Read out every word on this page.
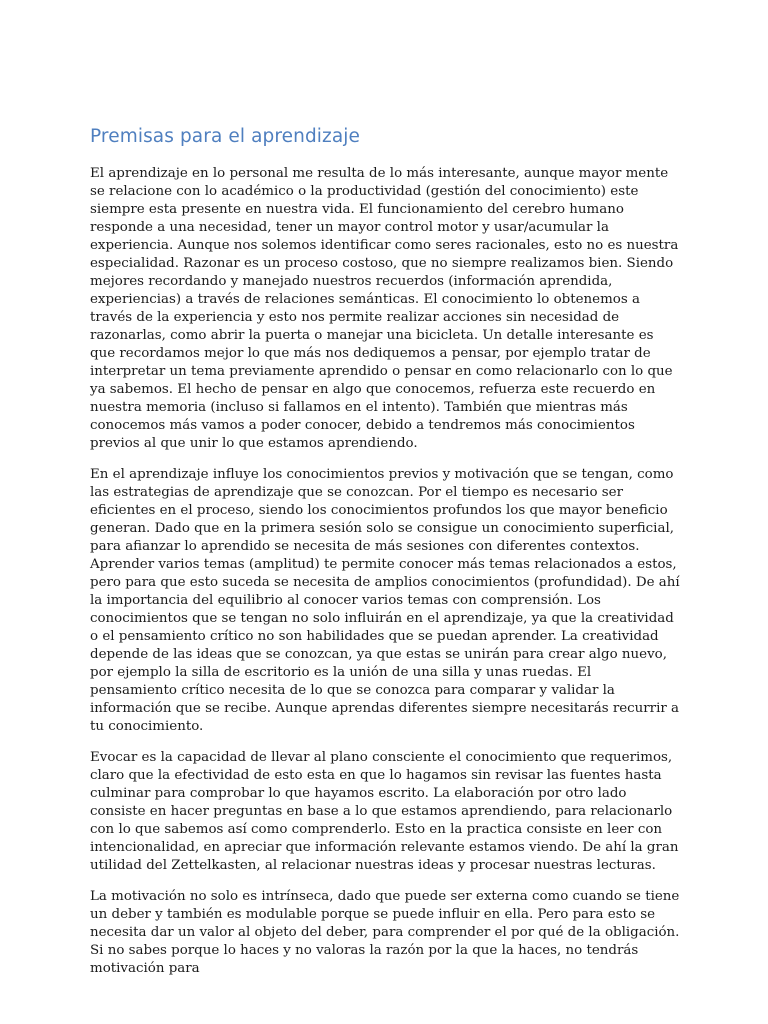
Premisas para el aprendizaje

El aprendizaje en lo personal me resulta de lo más interesante, aunque mayor mente se relacione con lo académico o la productividad (gestión del conocimiento) este siempre esta presente en nuestra vida. El funcionamiento del cerebro humano responde a una necesidad, tener un mayor control motor y usar/acumular la experiencia. Aunque nos solemos identificar como seres racionales, esto no es nuestra especialidad. Razonar es un proceso costoso, que no siempre realizamos bien. Siendo mejores recordando y manejado nuestros recuerdos (información aprendida, experiencias) a través de relaciones semánticas. El conocimiento lo obtenemos a través de la experiencia y esto nos permite realizar acciones sin necesidad de razonarlas, como abrir la puerta o manejar una bicicleta. Un detalle interesante es que recordamos mejor lo que más nos dediquemos a pensar, por ejemplo tratar de interpretar un tema previamente aprendido o pensar en como relacionarlo con lo que ya sabemos. El hecho de pensar en algo que conocemos, refuerza este recuerdo en nuestra memoria (incluso si fallamos en el intento). También que mientras más conocemos más vamos a poder conocer, debido a tendremos más conocimientos previos al que unir lo que estamos aprendiendo.

En el aprendizaje influye los conocimientos previos y motivación que se tengan, como las estrategias de aprendizaje que se conozcan. Por el tiempo es necesario ser eficientes en el proceso, siendo los conocimientos profundos los que mayor beneficio generan. Dado que en la primera sesión solo se consigue un conocimiento superficial, para afianzar lo aprendido se necesita de más sesiones con diferentes contextos. Aprender varios temas (amplitud) te permite conocer más temas relacionados a estos, pero para que esto suceda se necesita de amplios conocimientos (profundidad). De ahí la importancia del equilibrio al conocer varios temas con comprensión. Los conocimientos que se tengan no solo influirán en el aprendizaje, ya que la creatividad o el pensamiento crítico no son habilidades que se puedan aprender. La creatividad depende de las ideas que se conozcan, ya que estas se unirán para crear algo nuevo, por ejemplo la silla de escritorio es la unión de una silla y unas ruedas. El pensamiento crítico necesita de lo que se conozca para comparar y validar la información que se recibe. Aunque aprendas diferentes siempre necesitarás recurrir a tu conocimiento.

Evocar es la capacidad de llevar al plano consciente el conocimiento que requerimos, claro que la efectividad de esto esta en que lo hagamos sin revisar las fuentes hasta culminar para comprobar lo que hayamos escrito. La elaboración por otro lado consiste en hacer preguntas en base a lo que estamos aprendiendo, para relacionarlo con lo que sabemos así como comprenderlo. Esto en la practica consiste en leer con intencionalidad, en apreciar que información relevante estamos viendo. De ahí la gran utilidad del Zettelkasten, al relacionar nuestras ideas y procesar nuestras lecturas.

La motivación no solo es intrínseca, dado que puede ser externa como cuando se tiene un deber y también es modulable porque se puede influir en ella. Pero para esto se necesita dar un valor al objeto del deber, para comprender el por qué de la obligación. Si no sabes porque lo haces y no valoras la razón por la que la haces, no tendrás motivación para
